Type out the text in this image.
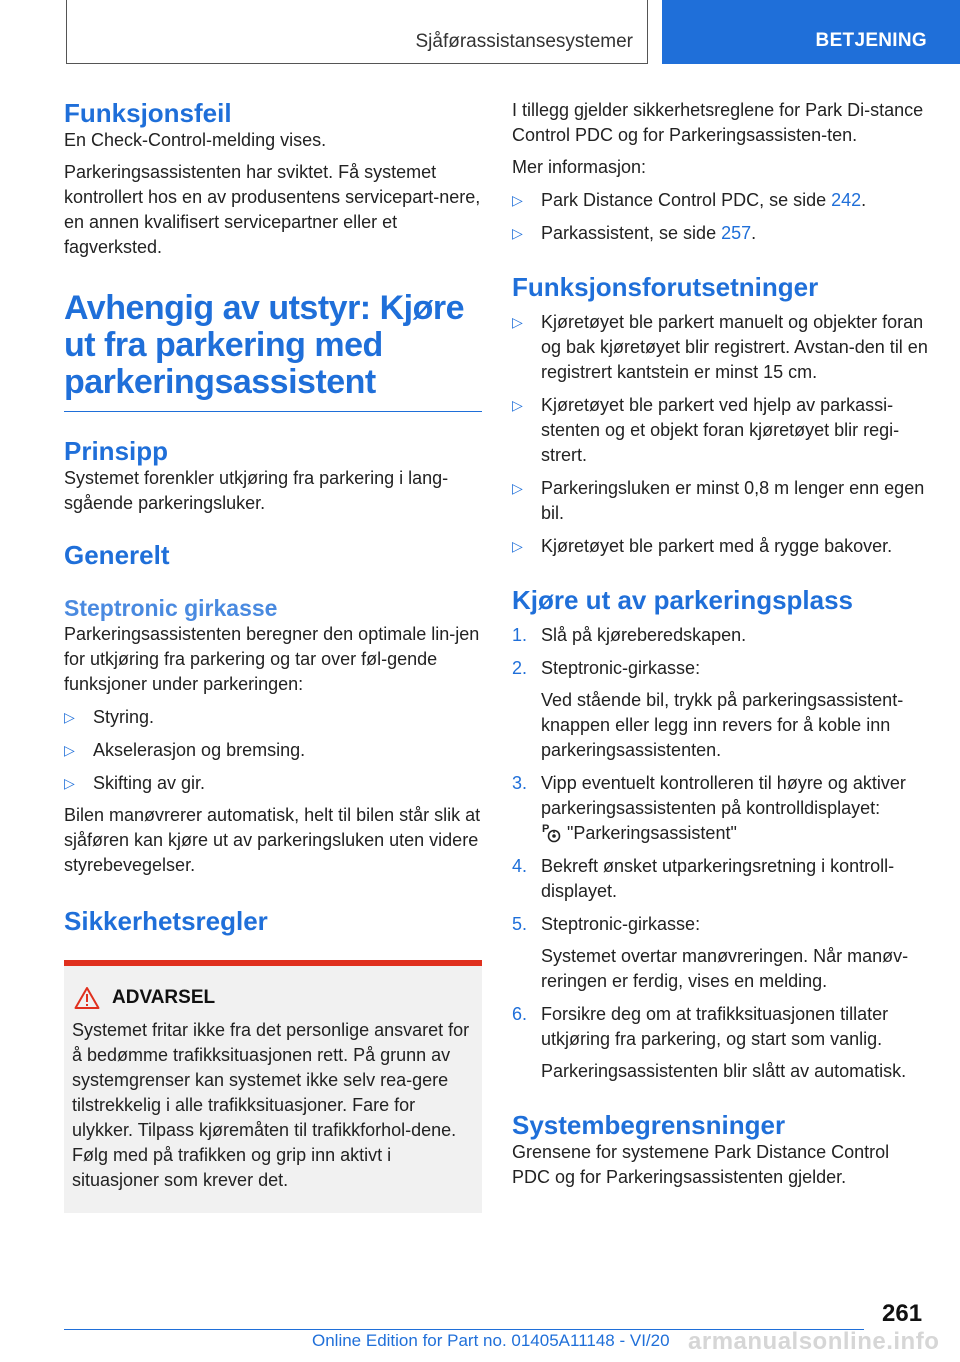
Sjåførassistansesystemer	BETJENING
Funksjonsfeil

En Check-Control-melding vises.

Parkeringsassistenten har sviktet. Få systemet kontrollert hos en av produsentens servicepart-nere, en annen kvalifisert servicepartner eller et fagverksted.

Avhengig av utstyr: Kjøre ut fra parkering med parkeringsassistent
Prinsipp

Systemet forenkler utkjøring fra parkering i lang-sgående parkeringsluker.

Generelt
Steptronic girkasse

Parkeringsassistenten beregner den optimale lin-jen for utkjøring fra parkering og tar over føl-gende funksjoner under parkeringen:

▷ Styring.
▷ Akselerasjon og bremsing.
▷ Skifting av gir.

Bilen manøvrerer automatisk, helt til bilen står slik at sjåføren kan kjøre ut av parkeringsluken uten videre styrebevegelser.

Sikkerhetsregler
ADVARSEL

Systemet fritar ikke fra det personlige ansvaret for å bedømme trafikksituasjonen rett. På grunn av systemgrenser kan systemet ikke selv rea-gere tilstrekkelig i alle trafikksituasjoner. Fare for ulykker. Tilpass kjøremåten til trafikkforhol-dene. Følg med på trafikken og grip inn aktivt i situasjoner som krever det.

I tillegg gjelder sikkerhetsreglene for Park Di-stance Control PDC og for Parkeringsassisten-ten.

Mer informasjon:

▷ Park Distance Control PDC, se side 242.
▷ Parkassistent, se side 257.
Funksjonsforutsetninger
▷ Kjøretøyet ble parkert manuelt og objekter foran og bak kjøretøyet blir registrert. Avstan-den til en registrert kantstein er minst 15 cm.
▷ Kjøretøyet ble parkert ved hjelp av parkassi-stenten og et objekt foran kjøretøyet blir regi-strert.
▷ Parkeringsluken er minst 0,8 m lenger enn egen bil.
▷ Kjøretøyet ble parkert med å rygge bakover.
Kjøre ut av parkeringsplass
1. Slå på kjøreberedskapen.
2. Steptronic-girkasse:
Ved stående bil, trykk på parkeringsassistent-knappen eller legg inn revers for å koble inn parkeringsassistenten.
3. Vipp eventuelt kontrolleren til høyre og aktiver parkeringsassistenten på kontrolldisplayet:
P "Parkeringsassistent"
4. Bekreft ønsket utparkeringsretning i kontroll-displayet.
5. Steptronic-girkasse:
Systemet overtar manøvreringen. Når manøv-reringen er ferdig, vises en melding.
6. Forsikre deg om at trafikksituasjonen tillater utkjøring fra parkering, og start som vanlig.
Parkeringsassistenten blir slått av automatisk.
Systembegrensninger

Grensene for systemene Park Distance Control PDC og for Parkeringsassistenten gjelder.

261
Online Edition for Part no. 01405A11148 - VI/20 armanualsonline.info
